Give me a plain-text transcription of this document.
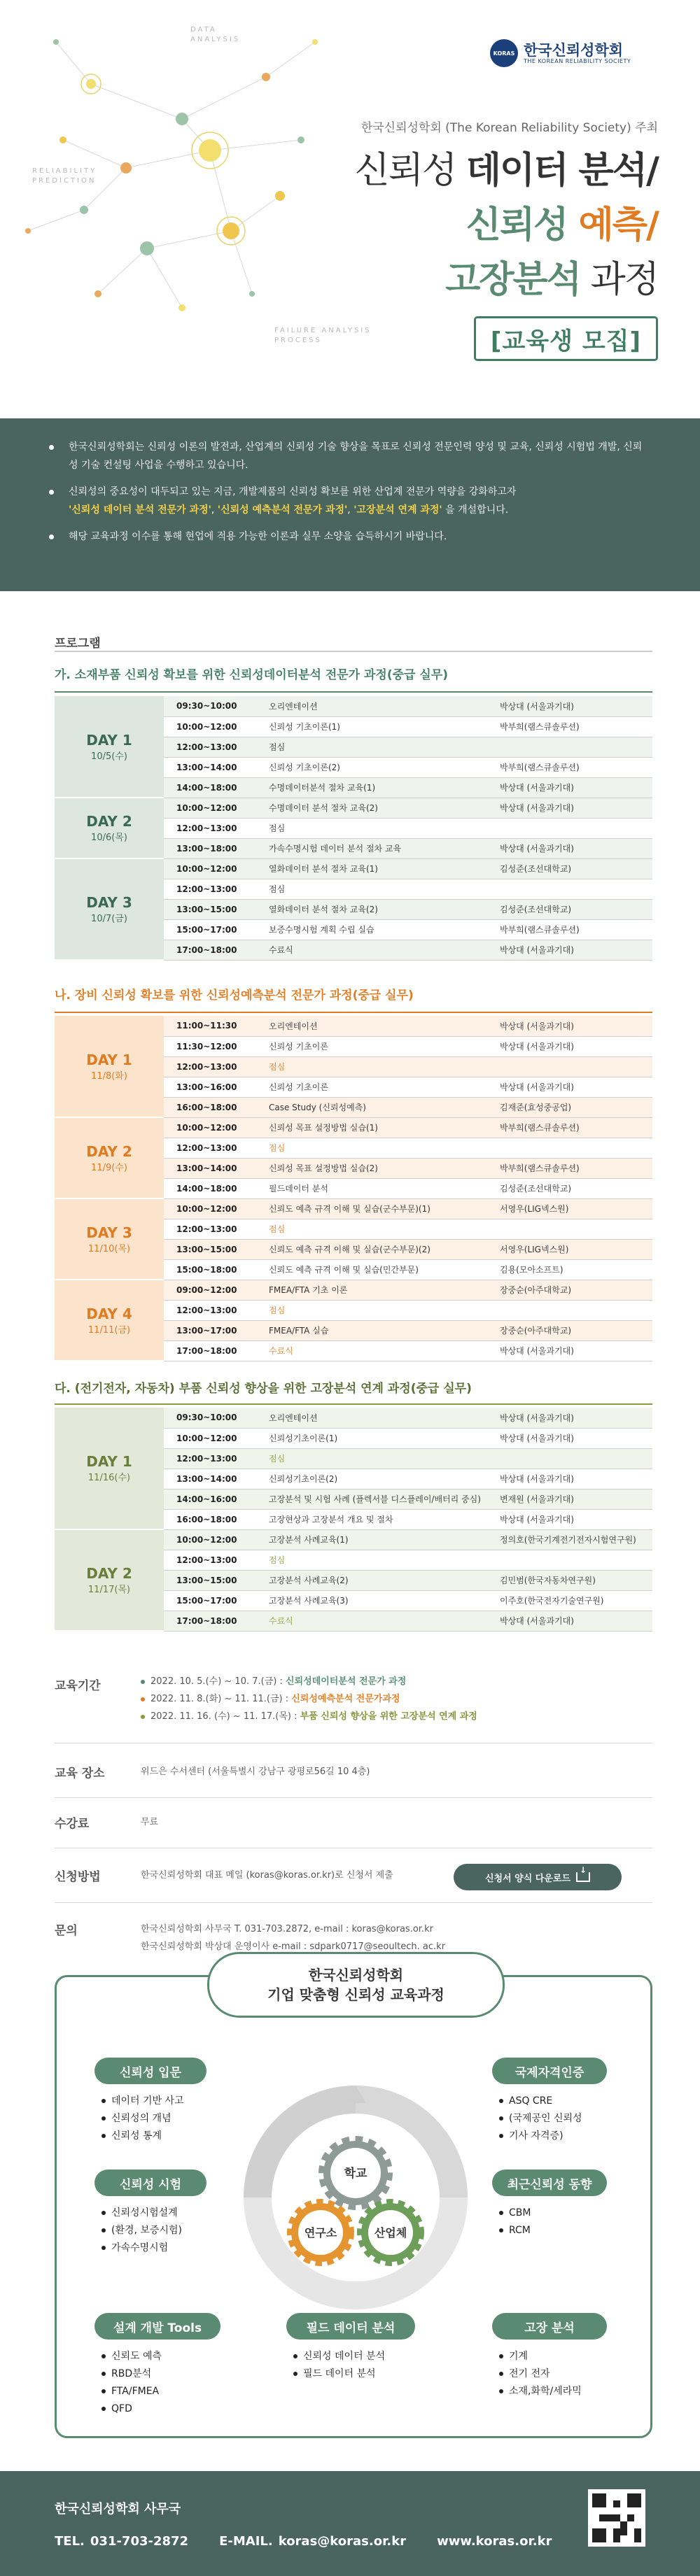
DATA
ANALYSIS
RELIABILITY
PREDICTION
FAILURE ANALYSIS
PROCESS
KORAS 한국신뢰성학회
THE KOREAN RELIABILITY SOCIETY
한국신뢰성학회 (The Korean Reliability Society) 주최
신뢰성 데이터 분석/
신뢰성 예측/
고장분석 과정
[교육생 모집]
한국신뢰성학회는 신뢰성 이론의 발전과, 산업계의 신뢰성 기술 향상을 목표로 신뢰성 전문인력 양성 및 교육, 신뢰성 시험법 개발, 신뢰성 기술 컨설팅 사업을 수행하고 있습니다.
신뢰성의 중요성이 대두되고 있는 지금, 개발제품의 신뢰성 확보를 위한 산업계 전문가 역량을 강화하고자
'신뢰성 데이터 분석 전문가 과정', '신뢰성 예측분석 전문가 과정', '고장분석 연계 과정' 을 개설합니다.
해당 교육과정 이수를 통해 현업에 적용 가능한 이론과 실무 소양을 습득하시기 바랍니다.
프로그램
가. 소재부품 신뢰성 확보를 위한 신뢰성데이터분석 전문가 과정(중급 실무)
DAY 1
10/5(수)	09:30~10:00	오리엔테이션	박상대 (서울과기대)
	10:00~12:00	신뢰성 기초이론(1)	박부희(램스큐솔루션)
	12:00~13:00	점심	
	13:00~14:00	신뢰성 기초이론(2)	박부희(램스큐솔루션)
	14:00~18:00	수명데이터분석 절차 교육(1)	박상대 (서울과기대)

DAY 2
10/6(목)	10:00~12:00	수명데이터 분석 절차 교육(2)	박상대 (서울과기대)
	12:00~13:00	점심	
	13:00~18:00	가속수명시험 데이터 분석 절차 교육	박상대 (서울과기대)

DAY 3
10/7(금)	10:00~12:00	열화데이터 분석 절차 교육(1)	김성준(조선대학교)
	12:00~13:00	점심	
	13:00~15:00	열화데이터 분석 절차 교육(2)	김성준(조선대학교)
	15:00~17:00	보증수명시험 계획 수립 실습	박부희(램스큐솔루션)
	17:00~18:00	수료식	박상대 (서울과기대)
나. 장비 신뢰성 확보를 위한 신뢰성예측분석 전문가 과정(중급 실무)
DAY 1
11/8(화)	11:00~11:30	오리엔테이션	박상대 (서울과기대)
	11:30~12:00	신뢰성 기초이론	박상대 (서울과기대)
	12:00~13:00	점심	
	13:00~16:00	신뢰성 기초이론	박상대 (서울과기대)
	16:00~18:00	Case Study (신뢰성예측)	김재준(효성중공업)

DAY 2
11/9(수)	10:00~12:00	신뢰성 목표 설정방법 실습(1)	박부희(램스큐솔루션)
	12:00~13:00	점심	
	13:00~14:00	신뢰성 목표 설정방법 실습(2)	박부희(램스큐솔루션)
	14:00~18:00	필드데이터 분석	김성준(조선대학교)

DAY 3
11/10(목)	10:00~12:00	신뢰도 예측 규격 이해 및 실습(군수부문)(1)	서영우(LIG넥스원)
	12:00~13:00	점심	
	13:00~15:00	신뢰도 예측 규격 이해 및 실습(군수부문)(2)	서영우(LIG넥스원)
	15:00~18:00	신뢰도 예측 규격 이해 및 실습(민간부문)	김용(모아소프트)

DAY 4
11/11(금)	09:00~12:00	FMEA/FTA 기초 이론	장중순(아주대학교)
	12:00~13:00	점심	
	13:00~17:00	FMEA/FTA 실습	장중순(아주대학교)
	17:00~18:00	수료식	박상대 (서울과기대)
다. (전기전자, 자동차) 부품 신뢰성 향상을 위한 고장분석 연계 과정(중급 실무)
DAY 1
11/16(수)	09:30~10:00	오리엔테이션	박상대 (서울과기대)
	10:00~12:00	신뢰성기초이론(1)	박상대 (서울과기대)
	12:00~13:00	점심	
	13:00~14:00	신뢰성기초이론(2)	박상대 (서울과기대)
	14:00~16:00	고장분석 및 시험 사례 (플렉서블 디스플레이/배터리 중심)	변재원 (서울과기대)
	16:00~18:00	고장현상과 고장분석 개요 및 절차	박상대 (서울과기대)

DAY 2
11/17(목)	10:00~12:00	고장분석 사례교육(1)	정의호(한국기계전기전자시험연구원)
	12:00~13:00	점심	
	13:00~15:00	고장분석 사례교육(2)	김민범(한국자동차연구원)
	15:00~17:00	고장분석 사례교육(3)	이주호(한국전자기술연구원)
	17:00~18:00	수료식	박상대 (서울과기대)
교육기간	2022. 10. 5.(수) ~ 10. 7.(금) : 신뢰성데이터분석 전문가 과정
2022. 11. 8.(화) ~ 11. 11.(금) : 신뢰성예측분석 전문가과정
2022. 11. 16. (수) ~ 11. 17.(목) : 부품 신뢰성 향상을 위한 고장분석 연계 과정
교육 장소	위드은 수서센터 (서울특별시 강남구 광평로56길 10 4층)
수강료	무료
신청방법	한국신뢰성학회 대표 메일 (koras@koras.or.kr)로 신청서 제출	신청서 양식 다운로드
↓
문의	한국신뢰성학회 사무국 T. 031-703.2872, e-mail : koras@koras.or.kr
한국신뢰성학회 박상대 운영이사 e-mail : sdpark0717@seoultech. ac.kr
한국신뢰성학회
기업 맞춤형 신뢰성 교육과정
학교
연구소	산업체
신뢰성 입문
데이터 기반 사고
신뢰성의 개념
신뢰성 통계
국제자격인증
ASQ CRE
(국제공인 신뢰성
기사 자격증)
신뢰성 시험
신뢰성시험설계
(환경, 보증시험)
가속수명시험
최근신뢰성 동향
CBM
RCM
설계 개발 Tools
신뢰도 예측
RBD분석
FTA/FMEA
QFD
필드 데이터 분석
신뢰성 데이터 분석
필드 데이터 분석
고장 분석
기계
전기 전자
소재,화학/세라믹
한국신뢰성학회 사무국
TEL. 031-703-2872 E-MAIL. koras@koras.or.kr www.koras.or.kr
